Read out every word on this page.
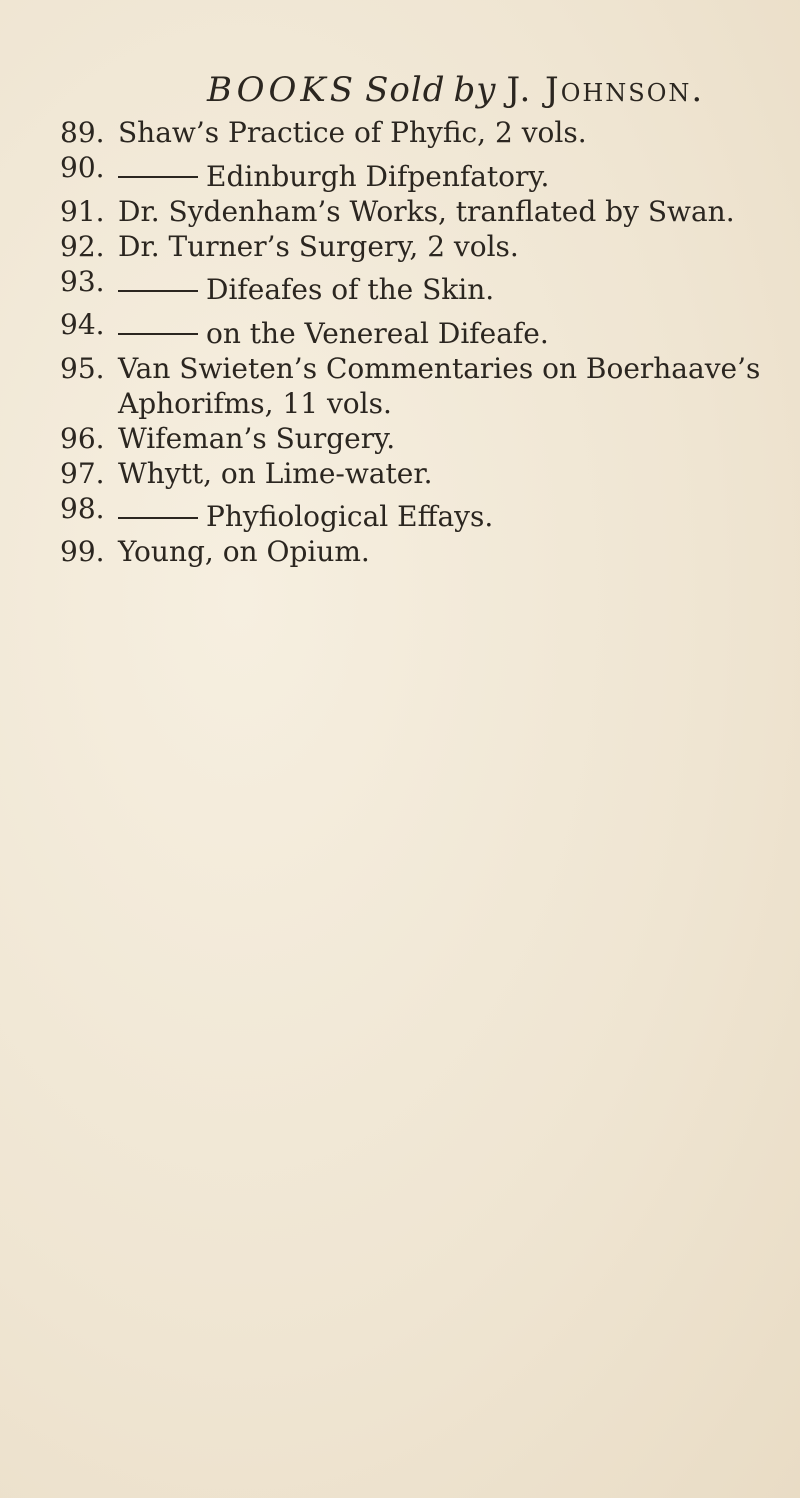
BOOKS Sold by J. Johnson.
89. Shaw’s Practice of Phyfic, 2 vols.
90.	Edinburgh Difpenfatory.
91. Dr. Sydenham’s Works, tranflated by Swan.
92. Dr. Turner’s Surgery, 2 vols.
93.	Difeafes of the Skin.
94.	on the Venereal Difeafe.
95. Van Swieten’s Commentaries on Boerhaave’s
Aphorifms, 11 vols.
96. Wifeman’s Surgery.
97. Whytt, on Lime-water.
98.	Phyfiological Effays.
99. Young, on Opium.
